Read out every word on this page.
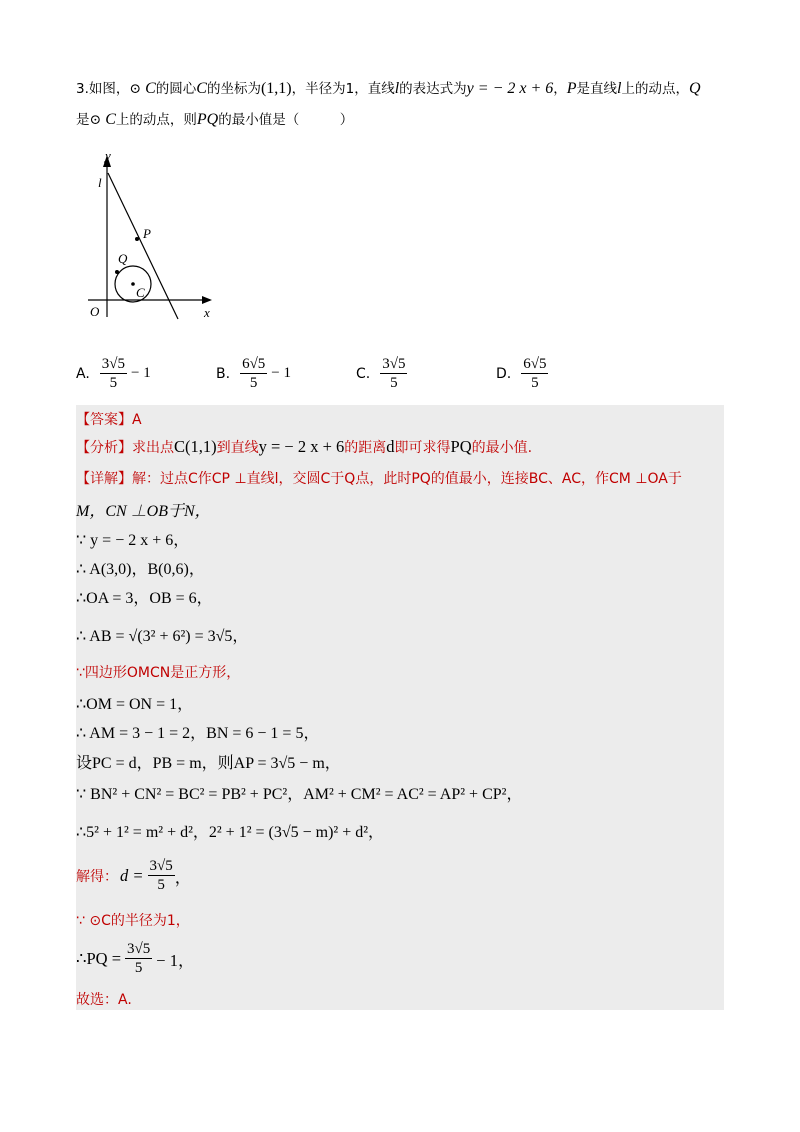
3.如图，⊙ C的圆心C的坐标为(1,1)，半径为1，直线l的表达式为y = − 2 x + 6，P是直线l上的动点，Q
是⊙ C上的动点，则PQ的最小值是（　　　）
y
x
l
P
Q
C
O
A. $\frac{3√5}{5} - 1$	B. $\frac{6√5}{5} - 1$	C. $\frac{3√5}{5}$	D. $\frac{6√5}{5}$
【答案】A
【分析】求出点C(1,1)到直线y = − 2 x + 6的距离d即可求得PQ的最小值.
【详解】解：过点C作CP ⊥直线l，交圆C于Q点，此时PQ的值最小，连接BC、AC，作CM ⊥OA于
M，CN ⊥OB于N，
∵ y = − 2 x + 6，
∴ A(3,0)，B(0,6)，
∴OA = 3，OB = 6，
∴ AB = √(3² + 6²) = 3√5，
∵四边形OMCN是正方形，
∴OM = ON = 1，
∴ AM = 3 − 1 = 2，BN = 6 − 1 = 5，
设PC = d，PB = m，则AP = 3√5 − m，
∵ BN² + CN² = BC² = PB² + PC²，AM² + CM² = AC² = AP² + CP²，
∴5² + 1² = m² + d²，2² + 1² = (3√5 − m)² + d²，
解得： $d = \frac{3√5}{5}$ ，
∵ ⊙C的半径为1，
∴PQ = $\frac{3√5}{5} - 1$，
故选：A.
